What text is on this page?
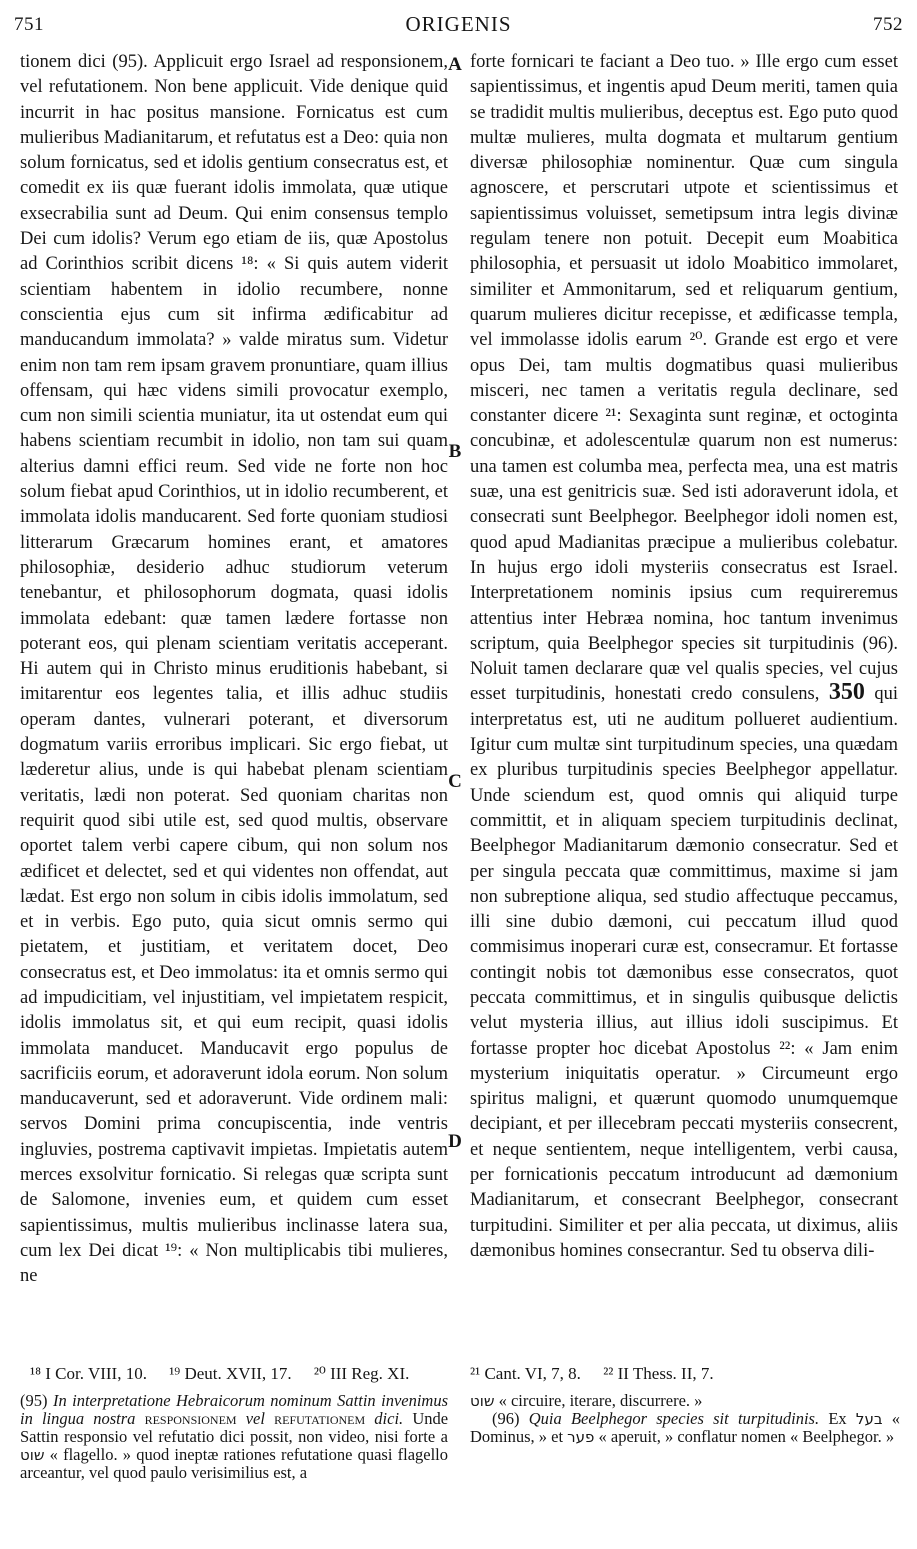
751	ORIGENIS	752

tionem dici (95). Applicuit ergo Israel ad responsionem, vel refutationem. Non bene applicuit. Vide denique quid incurrit in hac positus mansione. Fornicatus est cum mulieribus Madianitarum, et refutatus est a Deo: quia non solum fornicatus, sed et idolis gentium consecratus est, et comedit ex iis quæ fuerant idolis immolata, quæ utique exsecrabilia sunt ad Deum. Qui enim consensus templo Dei cum idolis? Verum ego etiam de iis, quæ Apostolus ad Corinthios scribit dicens ¹⁸: « Si quis autem viderit scientiam habentem in idolio recumbere, nonne conscientia ejus cum sit infirma ædificabitur ad manducandum immolata? » valde miratus sum. Videtur enim non tam rem ipsam gravem pronuntiare, quam illius offensam, qui hæc videns simili provocatur exemplo, cum non simili scientia muniatur, ita ut ostendat eum qui habens scientiam recumbit in idolio, non tam sui quam alterius damni effici reum. Sed vide ne forte non hoc solum fiebat apud Corinthios, ut in idolio recumberent, et immolata idolis manducarent. Sed forte quoniam studiosi litterarum Græcarum homines erant, et amatores philosophiæ, desiderio adhuc studiorum veterum tenebantur, et philosophorum dogmata, quasi idolis immolata edebant: quæ tamen lædere fortasse non poterant eos, qui plenam scientiam veritatis acceperant. Hi autem qui in Christo minus eruditionis habebant, si imitarentur eos legentes talia, et illis adhuc studiis operam dantes, vulnerari poterant, et diversorum dogmatum variis erroribus implicari. Sic ergo fiebat, ut læderetur alius, unde is qui habebat plenam scientiam veritatis, lædi non poterat. Sed quoniam charitas non requirit quod sibi utile est, sed quod multis, observare oportet talem verbi capere cibum, qui non solum nos ædificet et delectet, sed et qui videntes non offendat, aut lædat. Est ergo non solum in cibis idolis immolatum, sed et in verbis. Ego puto, quia sicut omnis sermo qui pietatem, et justitiam, et veritatem docet, Deo consecratus est, et Deo immolatus: ita et omnis sermo qui ad impudicitiam, vel injustitiam, vel impietatem respicit, idolis immolatus sit, et qui eum recipit, quasi idolis immolata manducet. Manducavit ergo populus de sacrificiis eorum, et adoraverunt idola eorum. Non solum manducaverunt, sed et adoraverunt. Vide ordinem mali: servos Domini prima concupiscentia, inde ventris ingluvies, postrema captivavit impietas. Impietatis autem merces exsolvitur fornicatio. Si relegas quæ scripta sunt de Salomone, invenies eum, et quidem cum esset sapientissimus, multis mulieribus inclinasse latera sua, cum lex Dei dicat ¹⁹: « Non multiplicabis tibi mulieres, ne

A
B
C
D

forte fornicari te faciant a Deo tuo. » Ille ergo cum esset sapientissimus, et ingentis apud Deum meriti, tamen quia se tradidit multis mulieribus, deceptus est. Ego puto quod multæ mulieres, multa dogmata et multarum gentium diversæ philosophiæ nominentur. Quæ cum singula agnoscere, et perscrutari utpote et scientissimus et sapientissimus voluisset, semetipsum intra legis divinæ regulam tenere non potuit. Decepit eum Moabitica philosophia, et persuasit ut idolo Moabitico immolaret, similiter et Ammonitarum, sed et reliquarum gentium, quarum mulieres dicitur recepisse, et ædificasse templa, vel immolasse idolis earum ²⁰. Grande est ergo et vere opus Dei, tam multis dogmatibus quasi mulieribus misceri, nec tamen a veritatis regula declinare, sed constanter dicere ²¹: Sexaginta sunt reginæ, et octoginta concubinæ, et adolescentulæ quarum non est numerus: una tamen est columba mea, perfecta mea, una est matris suæ, una est genitricis suæ. Sed isti adoraverunt idola, et consecrati sunt Beelphegor. Beelphegor idoli nomen est, quod apud Madianitas præcipue a mulieribus colebatur. In hujus ergo idoli mysteriis consecratus est Israel. Interpretationem nominis ipsius cum requireremus attentius inter Hebræa nomina, hoc tantum invenimus scriptum, quia Beelphegor species sit turpitudinis (96). Noluit tamen declarare quæ vel qualis species, vel cujus esset turpitudinis, honestati credo consulens, 350 qui interpretatus est, uti ne auditum pollueret audientium. Igitur cum multæ sint turpitudinum species, una quædam ex pluribus turpitudinis species Beelphegor appellatur. Unde sciendum est, quod omnis qui aliquid turpe committit, et in aliquam speciem turpitudinis declinat, Beelphegor Madianitarum dæmonio consecratur. Sed et per singula peccata quæ committimus, maxime si jam non subreptione aliqua, sed studio affectuque peccamus, illi sine dubio dæmoni, cui peccatum illud quod commisimus inoperari curæ est, consecramur. Et fortasse contingit nobis tot dæmonibus esse consecratos, quot peccata committimus, et in singulis quibusque delictis velut mysteria illius, aut illius idoli suscipimus. Et fortasse propter hoc dicebat Apostolus ²²: « Jam enim mysterium iniquitatis operatur. » Circumeunt ergo spiritus maligni, et quærunt quomodo unumquemque decipiant, et per illecebram peccati mysteriis consecrent, et neque sentientem, neque intelligentem, verbi causa, per fornicationis peccatum introducunt ad dæmonium Madianitarum, et consecrant Beelphegor, consecrant turpitudini. Similiter et per alia peccata, ut diximus, aliis dæmonibus homines consecrantur. Sed tu observa dili-

¹⁸ I Cor. VIII, 10. ¹⁹ Deut. XVII, 17. ²⁰ III Reg. XI.	²¹ Cant. VI, 7, 8. ²² II Thess. II, 7.

(95) In interpretatione Hebraicorum nominum Sattin invenimus in lingua nostra responsionem vel refutationem dici. Unde Sattin responsio vel refutatio dici possit, non video, nisi forte a שוט « flagello. » quod ineptæ rationes refutatione quasi flagello arceantur, vel quod paulo verisimilius est, a

שוט « circuire, iterare, discurrere. »

(96) Quia Beelphegor species sit turpitudinis. Ex בעל « Dominus, » et פער « aperuit, » conflatur nomen « Beelphegor. »
